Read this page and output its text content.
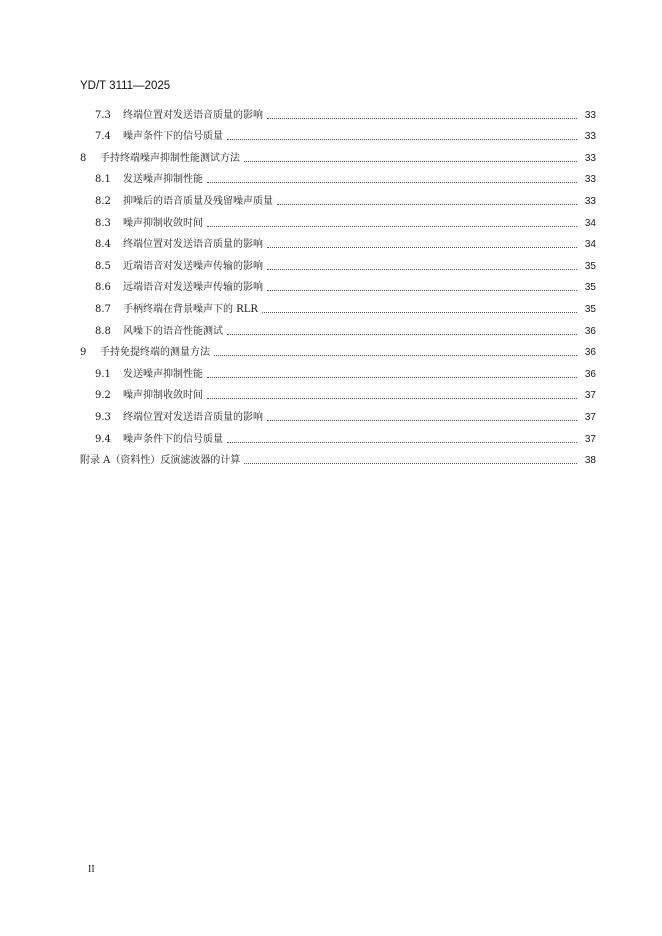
YD/T 3111—2025
7.3	终端位置对发送语音质量的影响	33
7.4	噪声条件下的信号质量	33
8	手持终端噪声抑制性能测试方法	33
8.1	发送噪声抑制性能	33
8.2	抑噪后的语音质量及残留噪声质量	33
8.3	噪声抑制收敛时间	34
8.4	终端位置对发送语音质量的影响	34
8.5	近端语音对发送噪声传输的影响	35
8.6	远端语音对发送噪声传输的影响	35
8.7	手柄终端在背景噪声下的 RLR	35
8.8	风噪下的语音性能测试	36
9	手持免提终端的测量方法	36
9.1	发送噪声抑制性能	36
9.2	噪声抑制收敛时间	37
9.3	终端位置对发送语音质量的影响	37
9.4	噪声条件下的信号质量	37
附录 A（资料性）反演滤波器的计算	38
II
